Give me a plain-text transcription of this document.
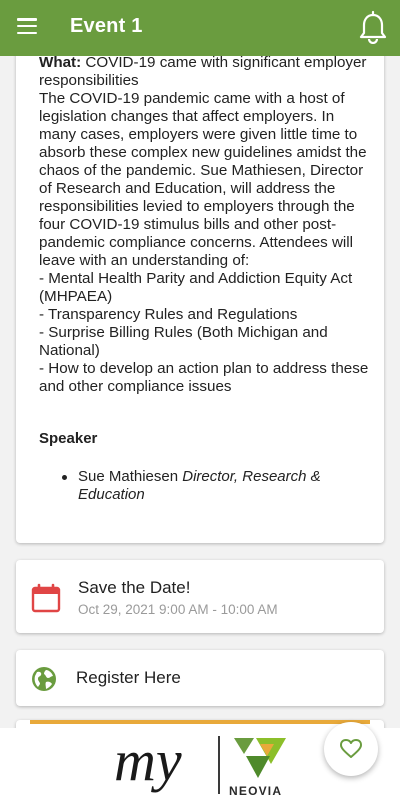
Event 1

What: COVID-19 came with significant employer responsibilities

The COVID-19 pandemic came with a host of legislation changes that affect employers. In many cases, employers were given little time to absorb these complex new guidelines amidst the chaos of the pandemic. Sue Mathiesen, Director of Research and Education, will address the responsibilities levied to employers through the four COVID-19 stimulus bills and other post-pandemic compliance concerns. Attendees will leave with an understanding of:

- Mental Health Parity and Addiction Equity Act (MHPAEA)

- Transparency Rules and Regulations

- Surprise Billing Rules (Both Michigan and National)

- How to develop an action plan to address these and other compliance issues

Speaker
Sue Mathiesen Director, Research & Education
Save the Date!
Oct 29, 2021 9:00 AM - 10:00 AM
Register Here
my	NEOVIA
